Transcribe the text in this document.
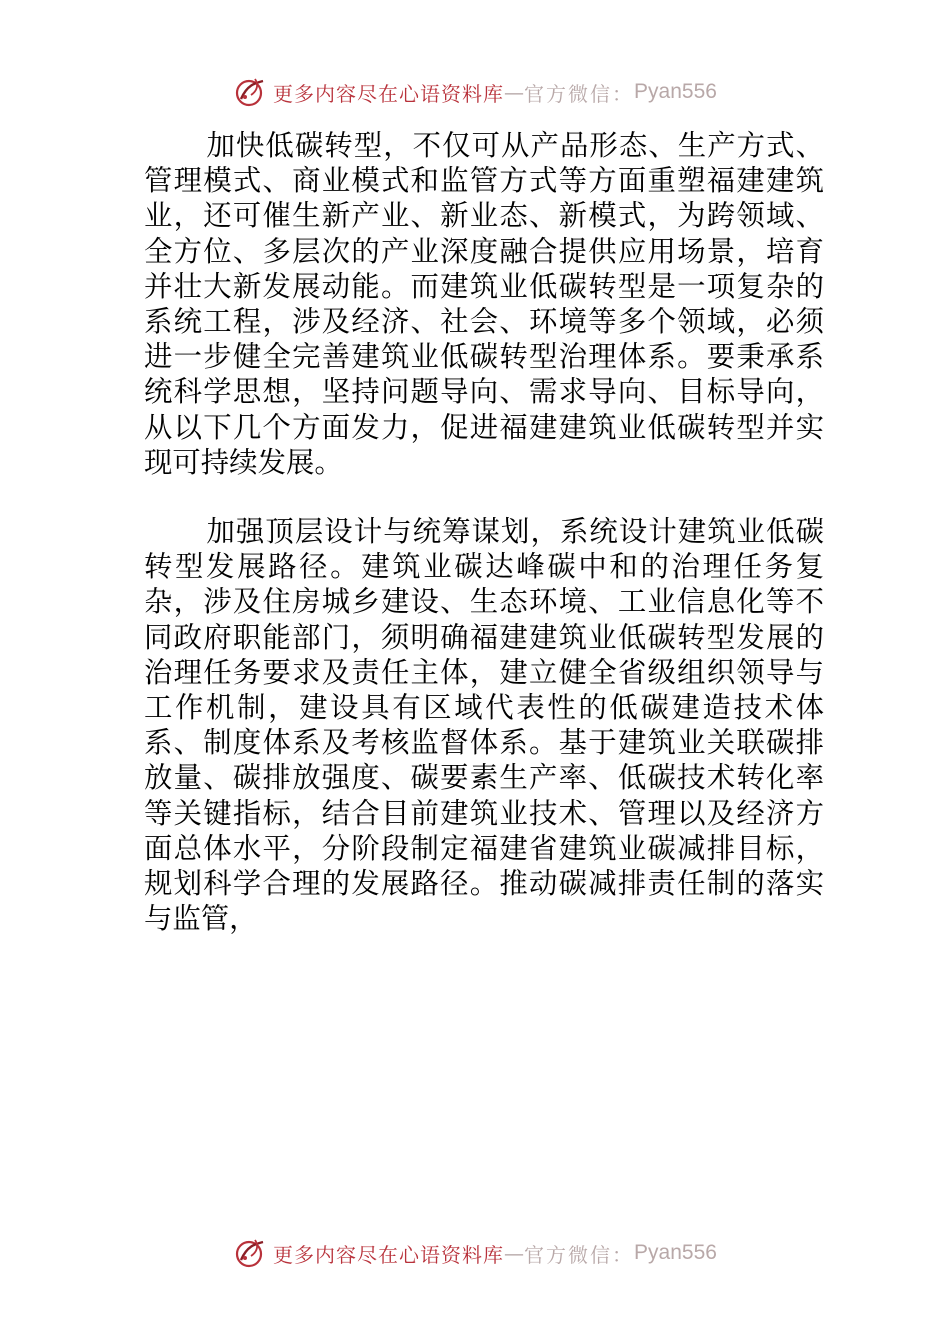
更多内容尽在心语资料库 — 官方微信： Pyan556

加快低碳转型，不仅可从产品形态、生产方式、管理模式、商业模式和监管方式等方面重塑福建建筑业，还可催生新产业、新业态、新模式，为跨领域、全方位、多层次的产业深度融合提供应用场景，培育并壮大新发展动能。而建筑业低碳转型是一项复杂的系统工程，涉及经济、社会、环境等多个领域，必须进一步健全完善建筑业低碳转型治理体系。要秉承系统科学思想，坚持问题导向、需求导向、目标导向，从以下几个方面发力，促进福建建筑业低碳转型并实现可持续发展。

加强顶层设计与统筹谋划，系统设计建筑业低碳转型发展路径。建筑业碳达峰碳中和的治理任务复杂，涉及住房城乡建设、生态环境、工业信息化等不同政府职能部门，须明确福建建筑业低碳转型发展的治理任务要求及责任主体，建立健全省级组织领导与工作机制，建设具有区域代表性的低碳建造技术体系、制度体系及考核监督体系。基于建筑业关联碳排放量、碳排放强度、碳要素生产率、低碳技术转化率等关键指标，结合目前建筑业技术、管理以及经济方面总体水平，分阶段制定福建省建筑业碳减排目标，规划科学合理的发展路径。推动碳减排责任制的落实与监管，

更多内容尽在心语资料库 — 官方微信： Pyan556
